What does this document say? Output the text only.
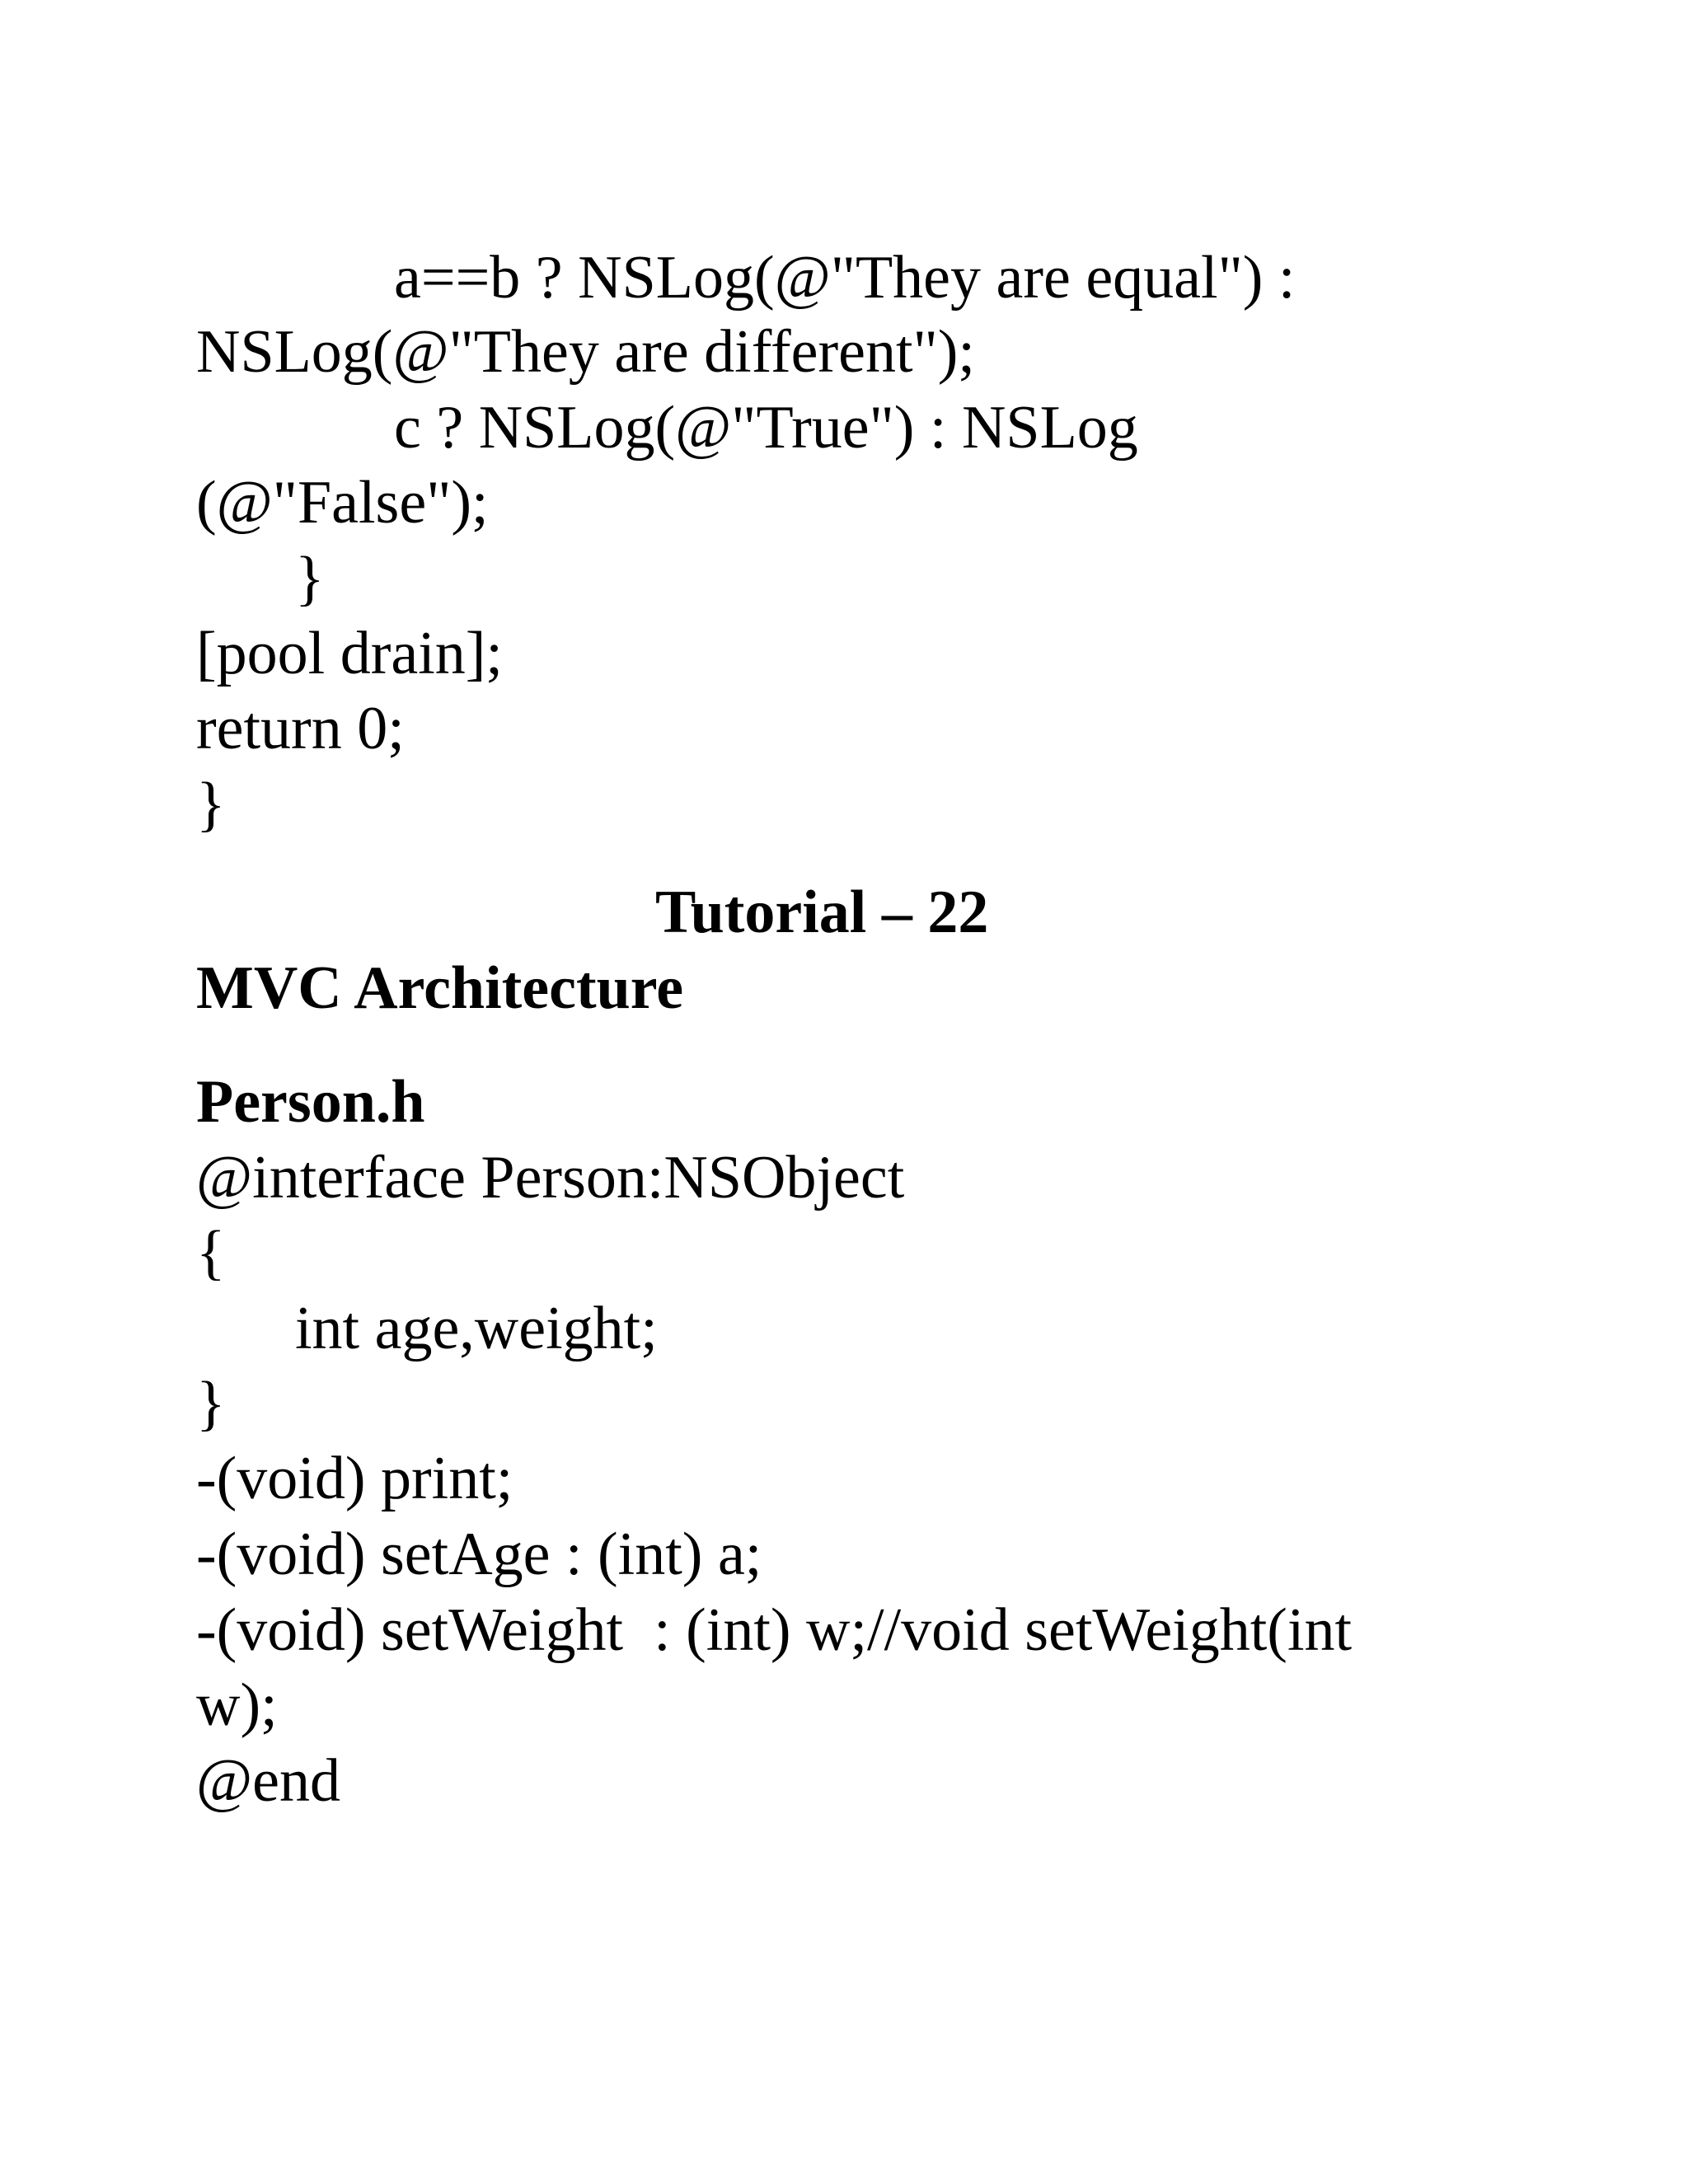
a==b ? NSLog(@"They are equal") :

NSLog(@"They are different");

c ? NSLog(@"True") : NSLog

(@"False");

}

[pool drain];

return 0;

}

Tutorial – 22

MVC Architecture

Person.h

@interface Person:NSObject

{

int age,weight;

}

-(void) print;

-(void) setAge : (int) a;

-(void) setWeight  : (int) w;//void setWeight(int

w);

@end
